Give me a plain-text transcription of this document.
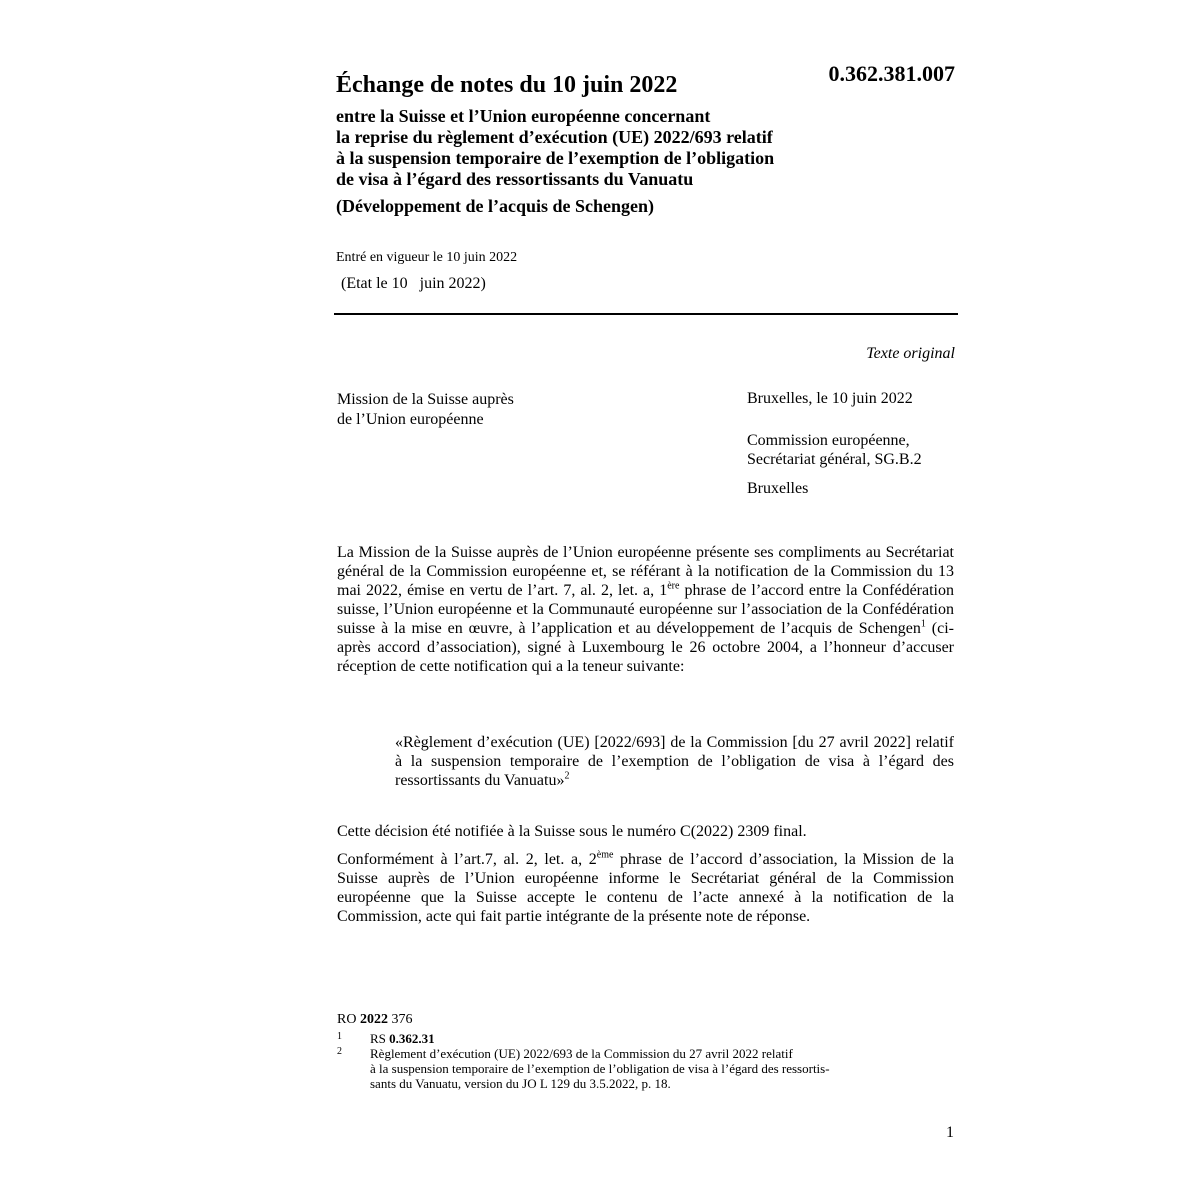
Échange de notes du 10 juin 2022	0.362.381.007
entre la Suisse et l’Union européenne concernant
la reprise du règlement d’exécution (UE) 2022/693 relatif
à la suspension temporaire de l’exemption de l’obligation
de visa à l’égard des ressortissants du Vanuatu
(Développement de l’acquis de Schengen)
Entré en vigueur le 10 juin 2022
(Etat le 10   juin 2022)
Texte original
Mission de la Suisse auprès
de l’Union européenne
Bruxelles, le 10 juin 2022
Commission européenne,
Secrétariat général, SG.B.2
Bruxelles
La Mission de la Suisse auprès de l’Union européenne présente ses compliments au Secrétariat général de la Commission européenne et, se référant à la notification de la Commission du 13 mai 2022, émise en vertu de l’art. 7, al. 2, let. a, 1ère phrase de l’accord entre la Confédération suisse, l’Union européenne et la Communauté européenne sur l’association de la Confédération suisse à la mise en œuvre, à l’application et au développement de l’acquis de Schengen$^1$ (ci-après accord d’association), signé à Luxembourg le 26 octobre 2004, a l’honneur d’accuser réception de cette notification qui a la teneur suivante:
«Règlement d’exécution (UE) [2022/693] de la Commission [du 27 avril 2022] relatif à la suspension temporaire de l’exemption de l’obligation de visa à l’égard des ressortissants du Vanuatu»$^2$
Cette décision été notifiée à la Suisse sous le numéro C(2022) 2309 final.
Conformément à l’art.7, al. 2, let. a, 2ème phrase de l’accord d’association, la Mission de la Suisse auprès de l’Union européenne informe le Secrétariat général de la Commission européenne que la Suisse accepte le contenu de l’acte annexé à la notification de la Commission, acte qui fait partie intégrante de la présente note de réponse.
RO 2022 376
1 RS 0.362.31
2 Règlement d’exécution (UE) 2022/693 de la Commission du 27 avril 2022 relatif
à la suspension temporaire de l’exemption de l’obligation de visa à l’égard des ressortis-
sants du Vanuatu, version du JO L 129 du 3.5.2022, p. 18.
1
